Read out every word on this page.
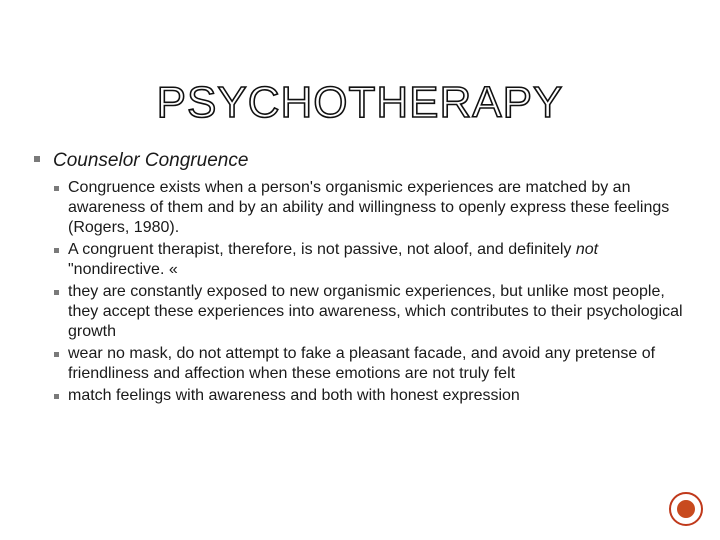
PSYCHOTHERAPY
Counselor Congruence
Congruence exists when a person's organismic experiences are matched by an awareness of them and by an ability and willingness to openly express these feelings (Rogers, 1980).
A congruent therapist, therefore, is not passive, not aloof, and definitely not "nondirective. «
they are constantly exposed to new organismic experiences, but unlike most people, they accept these experiences into awareness, which contributes to their psychological growth
wear no mask, do not attempt to fake a pleasant facade, and avoid any pretense of friendliness and affection when these emotions are not truly felt
match feelings with awareness and both with honest expression
